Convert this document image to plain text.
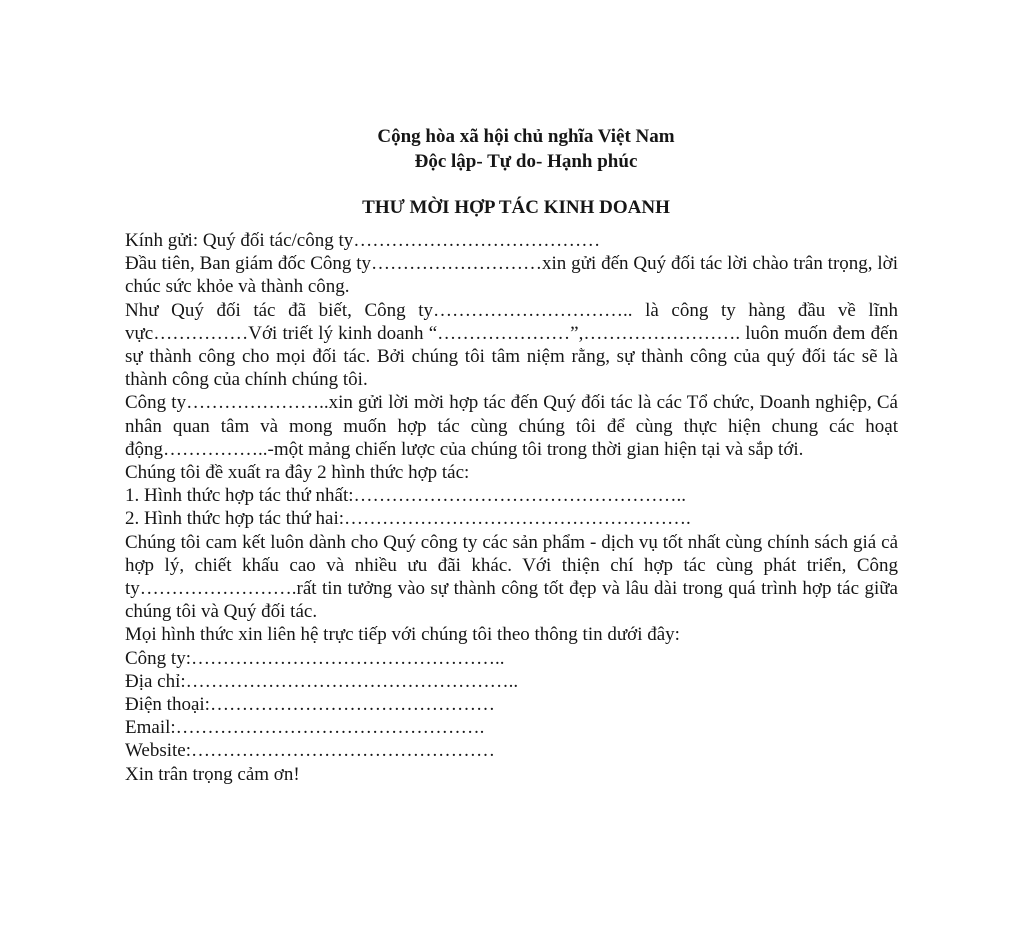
Cộng hòa xã hội chủ nghĩa Việt Nam
Độc lập- Tự do- Hạnh phúc
THƯ MỜI HỢP TÁC KINH DOANH

Kính gửi: Quý đối tác/công ty…………………………………

Đầu tiên, Ban giám đốc Công ty………………………xin gửi đến Quý đối tác lời chào trân trọng, lời chúc sức khỏe và thành công.

Như Quý đối tác đã biết, Công ty………………………….. là công ty hàng đầu về lĩnh vực……………Với triết lý kinh doanh “…………………”,……………………. luôn muốn đem đến sự thành công cho mọi đối tác. Bởi chúng tôi tâm niệm rằng, sự thành công của quý đối tác sẽ là thành công của chính chúng tôi.

Công ty…………………..xin gửi lời mời hợp tác đến Quý đối tác là các Tổ chức, Doanh nghiệp, Cá nhân quan tâm và mong muốn hợp tác cùng chúng tôi để cùng thực hiện chung các hoạt động……………..-một mảng chiến lược của chúng tôi trong thời gian hiện tại và sắp tới.

Chúng tôi đề xuất ra đây 2 hình thức hợp tác:

1. Hình thức hợp tác thứ nhất:……………………………………………..

2. Hình thức hợp tác thứ hai:……………………………………………….

Chúng tôi cam kết luôn dành cho Quý công ty các sản phẩm - dịch vụ tốt nhất cùng chính sách giá cả hợp lý, chiết khấu cao và nhiều ưu đãi khác. Với thiện chí hợp tác cùng phát triển, Công ty…………………….rất tin tưởng vào sự thành công tốt đẹp và lâu dài trong quá trình hợp tác giữa chúng tôi và Quý đối tác.

Mọi hình thức xin liên hệ trực tiếp với chúng tôi theo thông tin dưới đây:

Công ty:…………………………………………..

Địa chỉ:……………………………………………..

Điện thoại:………………………………………

Email:………………………………………….

Website:…………………………………………

Xin trân trọng cảm ơn!
